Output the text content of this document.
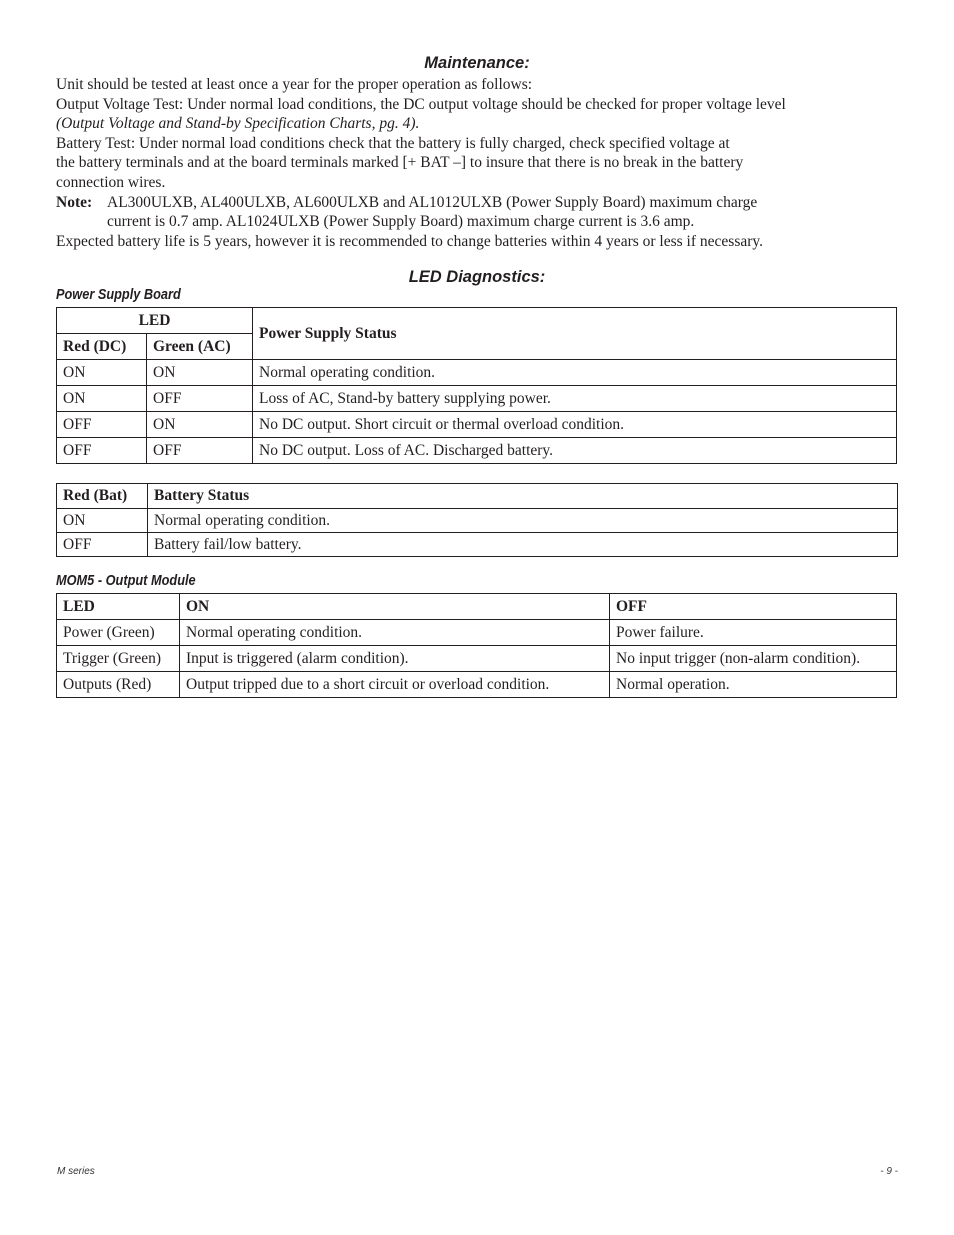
Maintenance:

Unit should be tested at least once a year for the proper operation as follows:

Output Voltage Test: Under normal load conditions, the DC output voltage should be checked for proper voltage level

(Output Voltage and Stand-by Specification Charts, pg. 4).

Battery Test: Under normal load conditions check that the battery is fully charged, check specified voltage at

the battery terminals and at the board terminals marked [+ BAT –] to insure that there is no break in the battery

connection wires.

Note: AL300ULXB, AL400ULXB, AL600ULXB and AL1012ULXB (Power Supply Board) maximum charge
current is 0.7 amp. AL1024ULXB (Power Supply Board) maximum charge current is 3.6 amp.

Expected battery life is 5 years, however it is recommended to change batteries within 4 years or less if necessary.

LED Diagnostics:

Power Supply Board

LED		Power Supply Status
Red (DC)	Green (AC)	
ON	ON	Normal operating condition.
ON	OFF	Loss of AC, Stand-by battery supplying power.
OFF	ON	No DC output. Short circuit or thermal overload condition.
OFF	OFF	No DC output. Loss of AC. Discharged battery.
Red (Bat)	Battery Status
ON	Normal operating condition.
OFF	Battery fail/low battery.

MOM5 - Output Module

LED	ON	OFF
Power (Green)	Normal operating condition.	Power failure.
Trigger (Green)	Input is triggered (alarm condition).	No input trigger (non-alarm condition).
Outputs (Red)	Output tripped due to a short circuit or overload condition.	Normal operation.
M series	- 9 -
